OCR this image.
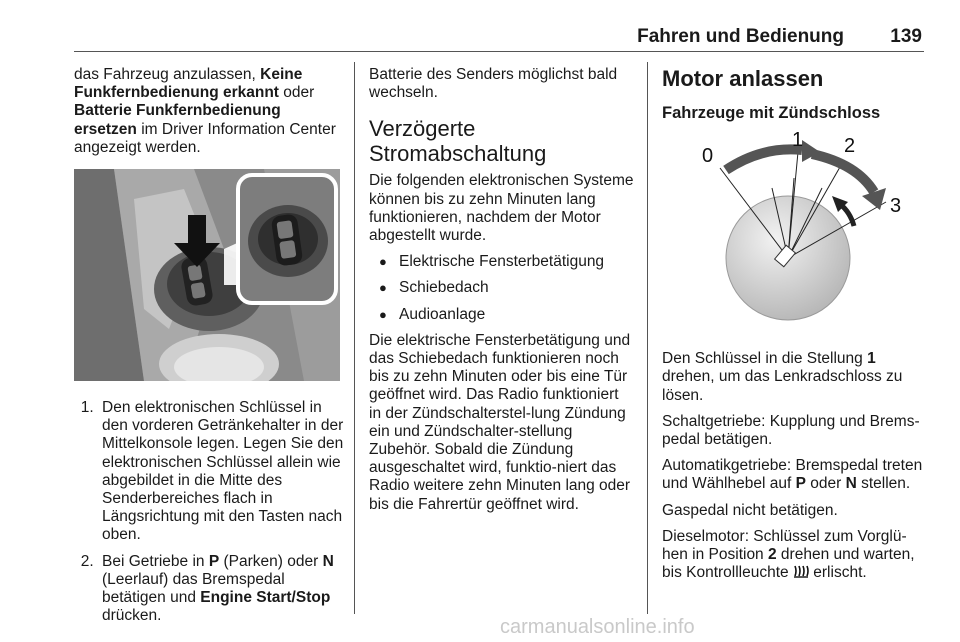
Fahren und Bedienung 139

das Fahrzeug anzulassen, Keine Funkfernbedienung erkannt oder Batterie Funkfernbedienung ersetzen im Driver Information Center angezeigt werden.

1. Den elektronischen Schlüssel in den vorderen Getränkehalter in der Mittelkonsole legen. Legen Sie den elektronischen Schlüssel allein wie abgebildet in die Mitte des Senderbereiches flach in Längsrichtung mit den Tasten nach oben.
2. Bei Getriebe in P (Parken) oder N (Leerlauf) das Bremspedal betätigen und Engine Start/Stop drücken.

Batterie des Senders möglichst bald wechseln.

Verzögerte Stromabschaltung

Die folgenden elektronischen Systeme können bis zu zehn Minuten lang funktionieren, nachdem der Motor abgestellt wurde.

● Elektrische Fensterbetätigung
● Schiebedach
● Audioanlage

Die elektrische Fensterbetätigung und das Schiebedach funktionieren noch bis zu zehn Minuten oder bis eine Tür geöffnet wird. Das Radio funktioniert in der Zündschalterstel-lung Zündung ein und Zündschalter-stellung Zubehör. Sobald die Zündung ausgeschaltet wird, funktio-niert das Radio weitere zehn Minuten lang oder bis die Fahrertür geöffnet wird.

Motor anlassen
Fahrzeuge mit Zündschloss
0
1 2
3

Den Schlüssel in die Stellung 1 drehen, um das Lenkradschloss zu lösen.

Schaltgetriebe: Kupplung und Brems-pedal betätigen.

Automatikgetriebe: Bremspedal treten und Wählhebel auf P oder N stellen.

Gaspedal nicht betätigen.

Dieselmotor: Schlüssel zum Vorglü-hen in Position 2 drehen und warten, bis Kontrollleuchte  erlischt.

carmanualsonline.info
